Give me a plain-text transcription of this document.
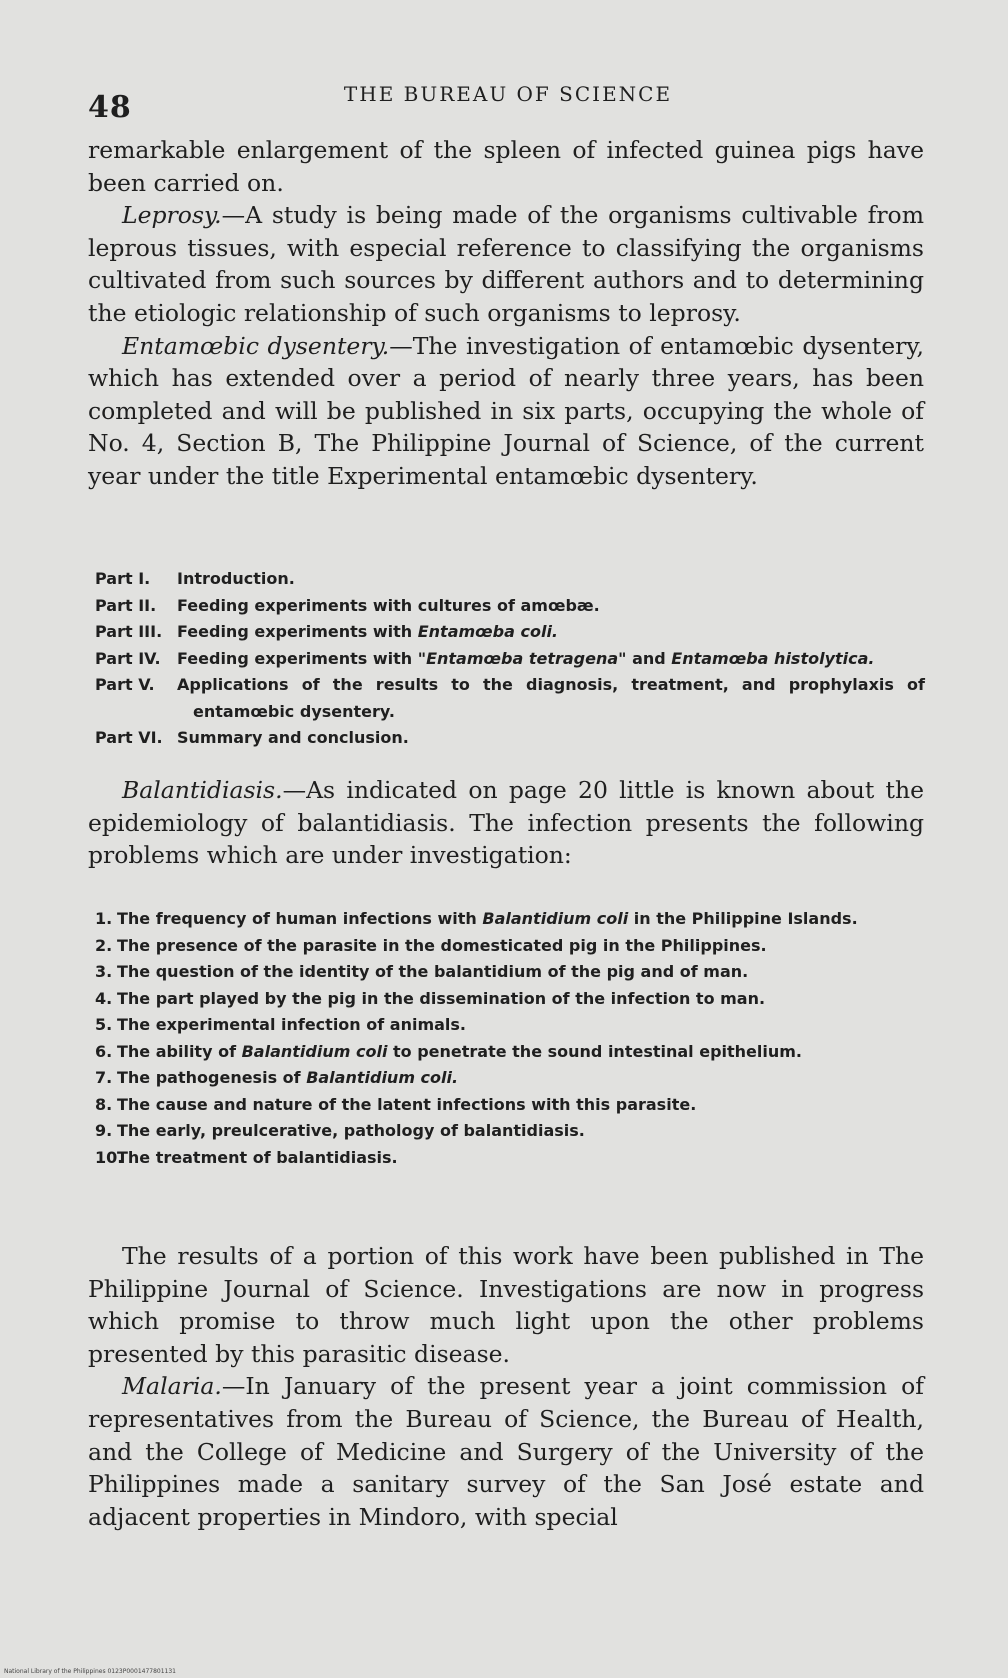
48	THE BUREAU OF SCIENCE

remarkable enlargement of the spleen of infected guinea pigs have been carried on.

Leprosy.—A study is being made of the organisms cultivable from leprous tissues, with especial reference to classifying the organisms cultivated from such sources by different authors and to determining the etiologic relationship of such organisms to leprosy.

Entamœbic dysentery.—The investigation of entamœbic dysentery, which has extended over a period of nearly three years, has been completed and will be published in six parts, occupying the whole of No. 4, Section B, The Philippine Journal of Science, of the current year under the title Experimental entamœbic dysentery.

Part I. Introduction.
Part II. Feeding experiments with cultures of amœbæ.
Part III. Feeding experiments with Entamœba coli.
Part IV. Feeding experiments with "Entamœba tetragena" and Entamœba histolytica.
Part V. Applications of the results to the diagnosis, treatment, and prophylaxis of entamœbic dysentery.
Part VI. Summary and conclusion.

Balantidiasis.—As indicated on page 20 little is known about the epidemiology of balantidiasis. The infection presents the following problems which are under investigation:

1. The frequency of human infections with Balantidium coli in the Philippine Islands.
2. The presence of the parasite in the domesticated pig in the Philippines.
3. The question of the identity of the balantidium of the pig and of man.
4. The part played by the pig in the dissemination of the infection to man.
5. The experimental infection of animals.
6. The ability of Balantidium coli to penetrate the sound intestinal epithelium.
7. The pathogenesis of Balantidium coli.
8. The cause and nature of the latent infections with this parasite.
9. The early, preulcerative, pathology of balantidiasis.
10.The treatment of balantidiasis.

The results of a portion of this work have been published in The Philippine Journal of Science. Investigations are now in progress which promise to throw much light upon the other problems presented by this parasitic disease.

Malaria.—In January of the present year a joint commission of representatives from the Bureau of Science, the Bureau of Health, and the College of Medicine and Surgery of the University of the Philippines made a sanitary survey of the San José estate and adjacent properties in Mindoro, with special

National Library of the Philippines 0123P0001477801131
